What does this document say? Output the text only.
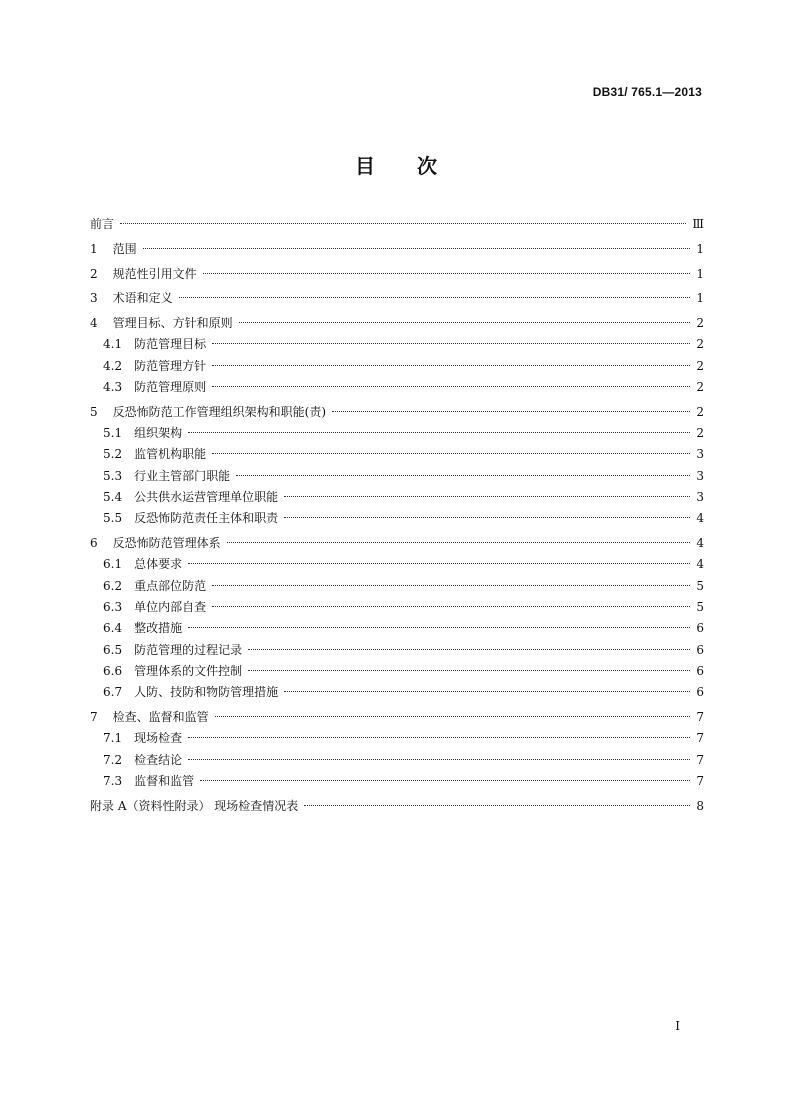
DB31/ 765.1—2013
目 次
前言	Ⅲ
1 范围	1
2 规范性引用文件	1
3 术语和定义	1
4 管理目标、方针和原则	2
4.1 防范管理目标	2
4.2 防范管理方针	2
4.3 防范管理原则	2
5 反恐怖防范工作管理组织架构和职能(责)	2
5.1 组织架构	2
5.2 监管机构职能	3
5.3 行业主管部门职能	3
5.4 公共供水运营管理单位职能	3
5.5 反恐怖防范责任主体和职责	4
6 反恐怖防范管理体系	4
6.1 总体要求	4
6.2 重点部位防范	5
6.3 单位内部自查	5
6.4 整改措施	6
6.5 防范管理的过程记录	6
6.6 管理体系的文件控制	6
6.7 人防、技防和物防管理措施	6
7 检查、监督和监管	7
7.1 现场检查	7
7.2 检查结论	7
7.3 监督和监管	7
附录 A（资料性附录） 现场检查情况表	8
I
